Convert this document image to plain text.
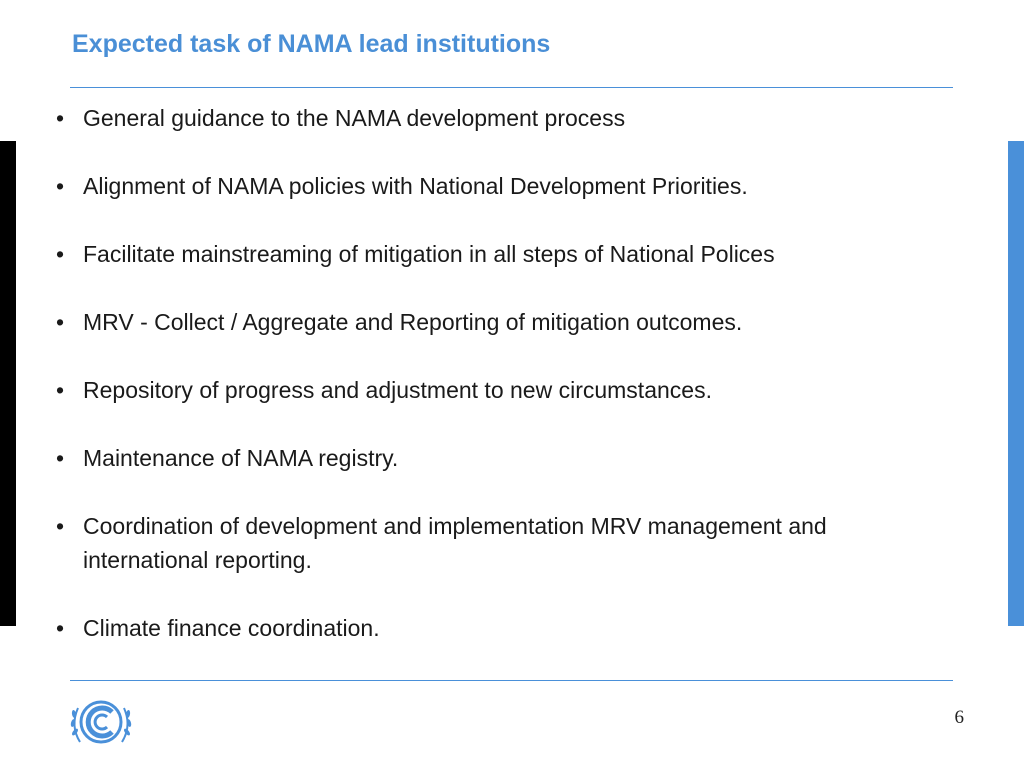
Expected task of NAMA lead institutions
• General guidance to the NAMA development process
• Alignment of NAMA policies with National Development Priorities.
• Facilitate mainstreaming of mitigation in all steps of National Polices
• MRV - Collect / Aggregate and Reporting of mitigation outcomes.
• Repository of progress and adjustment to new circumstances.
• Maintenance of NAMA registry.
• Coordination of development and implementation MRV management and international reporting.
• Climate finance coordination.
6
